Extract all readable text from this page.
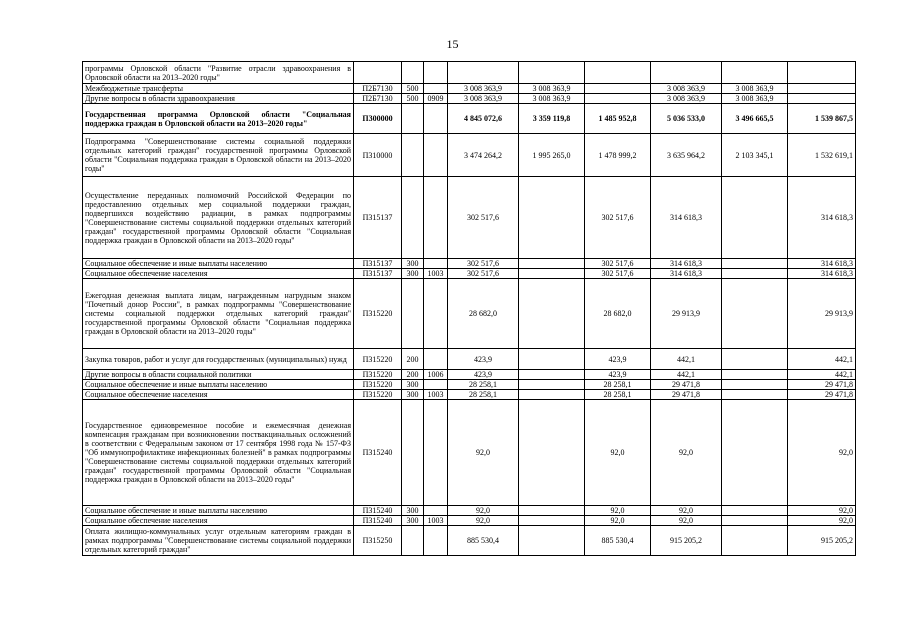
15
программы Орловской области "Развитие отрасли здравоохранения в Орловской области на 2013–2020 годы"									
Межбюджетные трансферты	П2Б7130	500		3 008 363,9	3 008 363,9		3 008 363,9	3 008 363,9	
Другие вопросы в области здравоохранения	П2Б7130	500	0909	3 008 363,9	3 008 363,9		3 008 363,9	3 008 363,9	
Государственная программа Орловской области "Социальная поддержка граждан в Орловской области на 2013–2020 годы"	П300000			4 845 072,6	3 359 119,8	1 485 952,8	5 036 533,0	3 496 665,5	1 539 867,5
Подпрограмма "Совершенствование системы социальной поддержки отдельных категорий граждан" государственной программы Орловской области "Социальная поддержка граждан в Орловской области на 2013–2020 годы"	П310000			3 474 264,2	1 995 265,0	1 478 999,2	3 635 964,2	2 103 345,1	1 532 619,1
Осуществление переданных полномочий Российской Федерации по предоставлению отдельных мер социальной поддержки граждан, подвергшихся воздействию радиации, в рамках подпрограммы "Совершенствование системы социальной поддержки отдельных категорий граждан" государственной программы Орловской области "Социальная поддержка граждан в Орловской области на 2013–2020 годы"	П315137			302 517,6		302 517,6	314 618,3		314 618,3
Социальное обеспечение и иные выплаты населению	П315137	300		302 517,6		302 517,6	314 618,3		314 618,3
Социальное обеспечение населения	П315137	300	1003	302 517,6		302 517,6	314 618,3		314 618,3
Ежегодная денежная выплата лицам, награжденным нагрудным знаком "Почетный донор России", в рамках подпрограммы "Совершенствование системы социальной поддержки отдельных категорий граждан" государственной программы Орловской области "Социальная поддержка граждан в Орловской области на 2013–2020 годы"	П315220			28 682,0		28 682,0	29 913,9		29 913,9
Закупка товаров, работ и услуг для государственных (муниципальных) нужд	П315220	200		423,9		423,9	442,1		442,1
Другие вопросы в области социальной политики	П315220	200	1006	423,9		423,9	442,1		442,1
Социальное обеспечение и иные выплаты населению	П315220	300		28 258,1		28 258,1	29 471,8		29 471,8
Социальное обеспечение населения	П315220	300	1003	28 258,1		28 258,1	29 471,8		29 471,8
Государственное единовременное пособие и ежемесячная денежная компенсация гражданам при возникновении поствакцинальных осложнений в соответствии с Федеральным законом от 17 сентября 1998 года № 157-ФЗ "Об иммунопрофилактике инфекционных болезней" в рамках подпрограммы "Совершенствование системы социальной поддержки отдельных категорий граждан" государственной программы Орловской области "Социальная поддержка граждан в Орловской области на 2013–2020 годы"	П315240			92,0		92,0	92,0		92,0
Социальное обеспечение и иные выплаты населению	П315240	300		92,0		92,0	92,0		92,0
Социальное обеспечение населения	П315240	300	1003	92,0		92,0	92,0		92,0
Оплата жилищно-коммунальных услуг отдельным категориям граждан в рамках подпрограммы "Совершенствование системы социальной поддержки отдельных категорий граждан"	П315250			885 530,4		885 530,4	915 205,2		915 205,2
